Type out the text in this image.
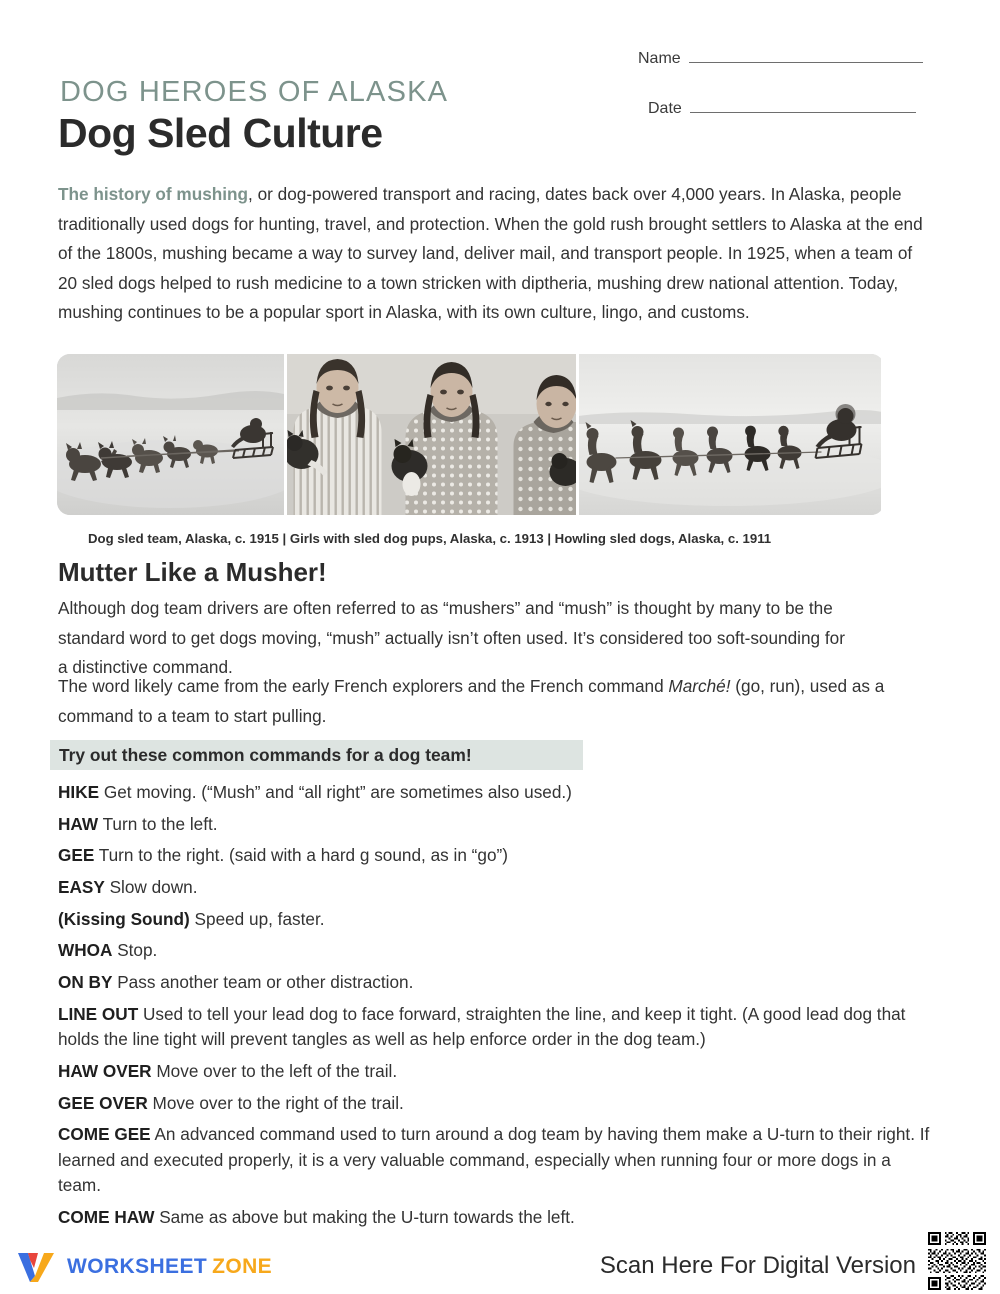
DOG HEROES OF ALASKA
Dog Sled Culture
Name
Date

The history of mushing, or dog-powered transport and racing, dates back over 4,000 years. In Alaska, people traditionally used dogs for hunting, travel, and protection. When the gold rush brought settlers to Alaska at the end of the 1800s, mushing became a way to survey land, deliver mail, and transport people. In 1925, when a team of 20 sled dogs helped to rush medicine to a town stricken with diptheria, mushing drew national attention. Today, mushing continues to be a popular sport in Alaska, with its own culture, lingo, and customs.

Dog sled team, Alaska, c. 1915 | Girls with sled dog pups, Alaska, c. 1913 | Howling sled dogs, Alaska, c. 1911
Mutter Like a Musher!

Although dog team drivers are often referred to as “mushers” and “mush” is thought by many to be the standard word to get dogs moving, “mush” actually isn’t often used. It’s considered too soft-sounding for a distinctive command.

The word likely came from the early French explorers and the French command Marché! (go, run), used as a command to a team to start pulling.

Try out these common commands for a dog team!
HIKE Get moving. (“Mush” and “all right” are sometimes also used.)
HAW Turn to the left.
GEE Turn to the right. (said with a hard g sound, as in “go”)
EASY Slow down.
(Kissing Sound) Speed up, faster.
WHOA Stop.
ON BY Pass another team or other distraction.
LINE OUT Used to tell your lead dog to face forward, straighten the line, and keep it tight. (A good lead dog that holds the line tight will prevent tangles as well as help enforce order in the dog team.)
HAW OVER Move over to the left of the trail.
GEE OVER Move over to the right of the trail.
COME GEE An advanced command used to turn around a dog team by having them make a U-turn to their right. If learned and executed properly, it is a very valuable command, especially when running four or more dogs in a team.
COME HAW Same as above but making the U-turn towards the left.
WORKSHEET ZONE	Scan Here For Digital Version
